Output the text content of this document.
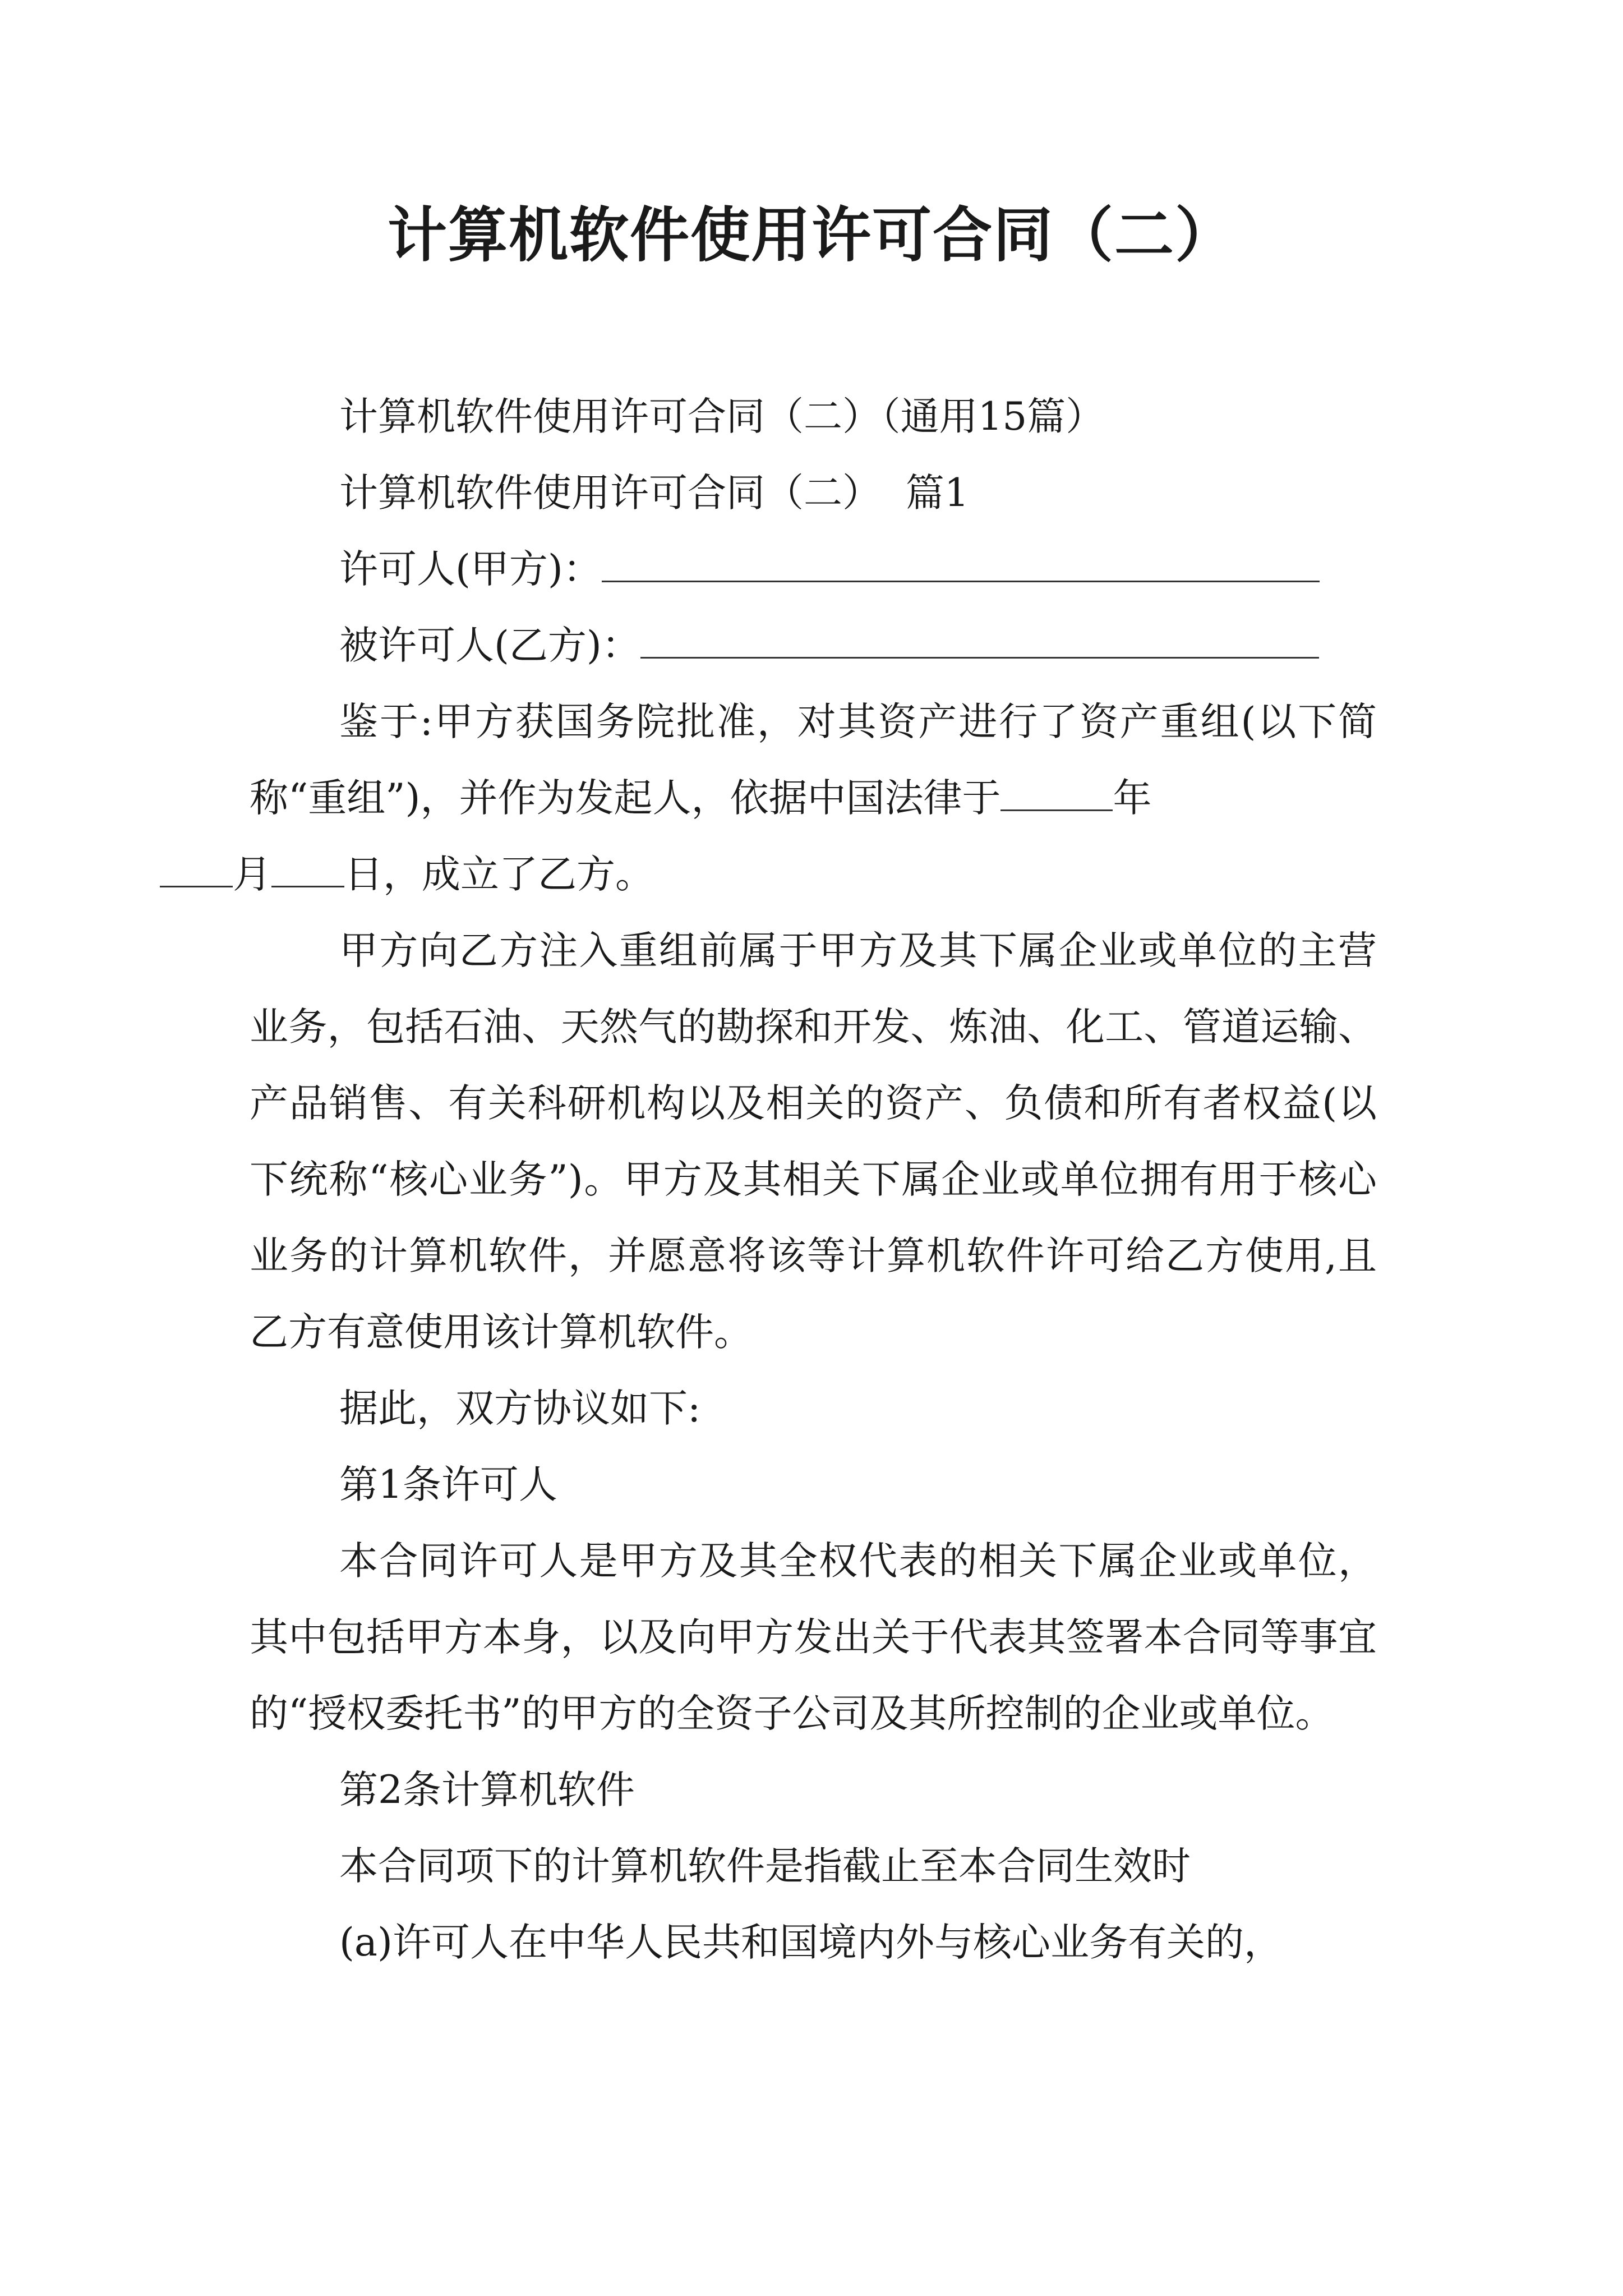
计算机软件使用许可合同（二）

计算机软件使用许可合同（二）（通用15篇）

计算机软件使用许可合同（二）  篇1

许可人(甲方)：

被许可人(乙方)：

鉴于:甲方获国务院批准，对其资产进行了资产重组(以下简称“重组”)，并作为发起人，依据中国法律于	年
月 日，成立了乙方。

甲方向乙方注入重组前属于甲方及其下属企业或单位的主营业务，包括石油、天然气的勘探和开发、炼油、化工、管道运输、产品销售、有关科研机构以及相关的资产、负债和所有者权益(以下统称“核心业务”)。甲方及其相关下属企业或单位拥有用于核心业务的计算机软件，并愿意将该等计算机软件许可给乙方使用,且乙方有意使用该计算机软件。

据此，双方协议如下:

第1条许可人

本合同许可人是甲方及其全权代表的相关下属企业或单位，其中包括甲方本身，以及向甲方发出关于代表其签署本合同等事宜的“授权委托书”的甲方的全资子公司及其所控制的企业或单位。

第2条计算机软件

本合同项下的计算机软件是指截止至本合同生效时

(a)许可人在中华人民共和国境内外与核心业务有关的，
